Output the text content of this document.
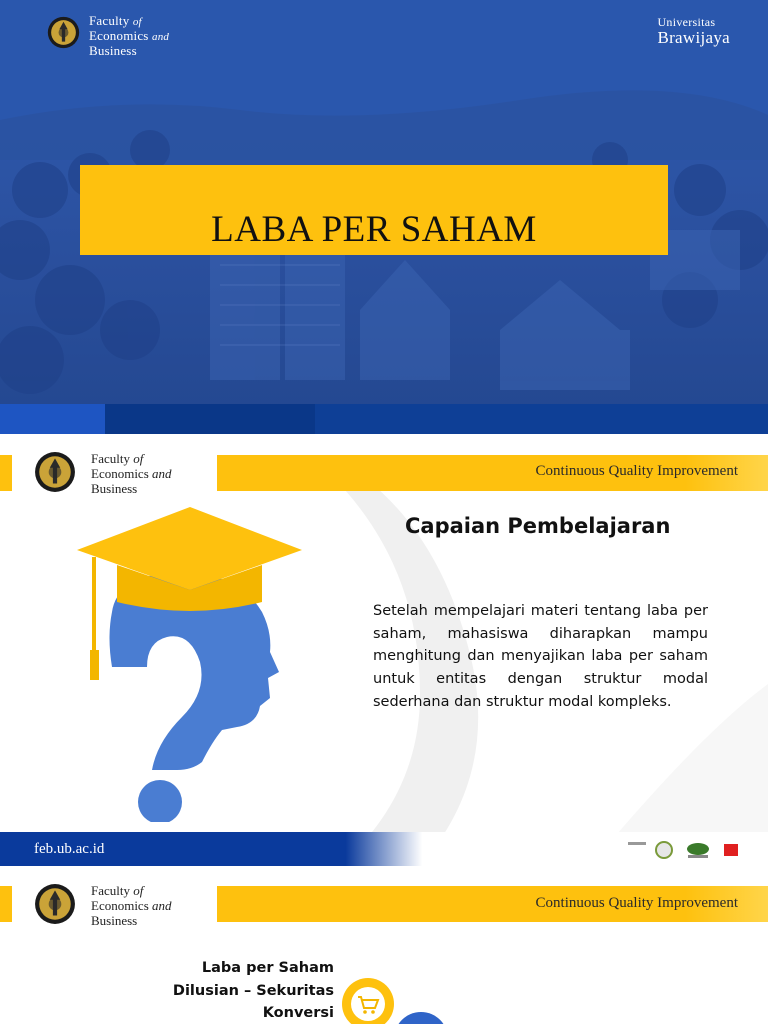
Faculty of
Economics and
Business
Universitas
Brawijaya
LABA PER SAHAM
Continuous Quality Improvement
Faculty of
Economics and
Business
Capaian Pembelajaran
Setelah mempelajari materi tentang laba per saham, mahasiswa diharapkan mampu menghitung dan menyajikan laba per saham untuk entitas dengan struktur modal sederhana dan struktur modal kompleks.
feb.ub.ac.id
Continuous Quality Improvement
Faculty of
Economics and
Business
Laba per Saham
Dilusian – Sekuritas
Konversi
